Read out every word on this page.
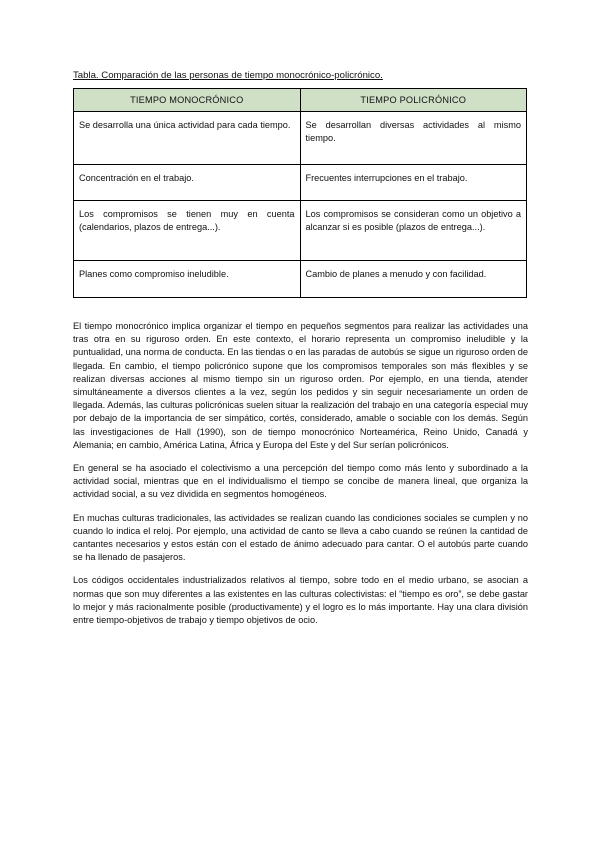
Tabla. Comparación de las personas de tiempo monocrónico-policrónico.
TIEMPO MONOCRÓNICO	TIEMPO POLICRÓNICO
Se desarrolla una única actividad para cada tiempo.	Se desarrollan diversas actividades al mismo tiempo.
Concentración en el trabajo.	Frecuentes interrupciones en el trabajo.
Los compromisos se tienen muy en cuenta (calendarios, plazos de entrega...).	Los compromisos se consideran como un objetivo a alcanzar si es posible (plazos de entrega...).
Planes como compromiso ineludible.	Cambio de planes a menudo y con facilidad.

El tiempo monocrónico implica organizar el tiempo en pequeños segmentos para realizar las actividades una tras otra en su riguroso orden. En este contexto, el horario representa un compromiso ineludible y la puntualidad, una norma de conducta. En las tiendas o en las paradas de autobús se sigue un riguroso orden de llegada. En cambio, el tiempo policrónico supone que los compromisos temporales son más flexibles y se realizan diversas acciones al mismo tiempo sin un riguroso orden. Por ejemplo, en una tienda, atender simultáneamente a diversos clientes a la vez, según los pedidos y sin seguir necesariamente un orden de llegada. Además, las culturas policrónicas suelen situar la realización del trabajo en una categoría especial muy por debajo de la importancia de ser simpático, cortés, considerado, amable o sociable con los demás. Según las investigaciones de Hall (1990), son de tiempo monocrónico Norteamérica, Reino Unido, Canadá y Alemania; en cambio, América Latina, África y Europa del Este y del Sur serían policrónicos.

En general se ha asociado el colectivismo a una percepción del tiempo como más lento y subordinado a la actividad social, mientras que en el individualismo el tiempo se concibe de manera lineal, que organiza la actividad social, a su vez dividida en segmentos homogéneos.

En muchas culturas tradicionales, las actividades se realizan cuando las condiciones sociales se cumplen y no cuando lo indica el reloj. Por ejemplo, una actividad de canto se lleva a cabo cuando se reúnen la cantidad de cantantes necesarios y estos están con el estado de ánimo adecuado para cantar. O el autobús parte cuando se ha llenado de pasajeros.

Los códigos occidentales industrializados relativos al tiempo, sobre todo en el medio urbano, se asocian a normas que son muy diferentes a las existentes en las culturas colectivistas: el “tiempo es oro”, se debe gastar lo mejor y más racionalmente posible (productivamente) y el logro es lo más importante. Hay una clara división entre tiempo-objetivos de trabajo y tiempo objetivos de ocio.
